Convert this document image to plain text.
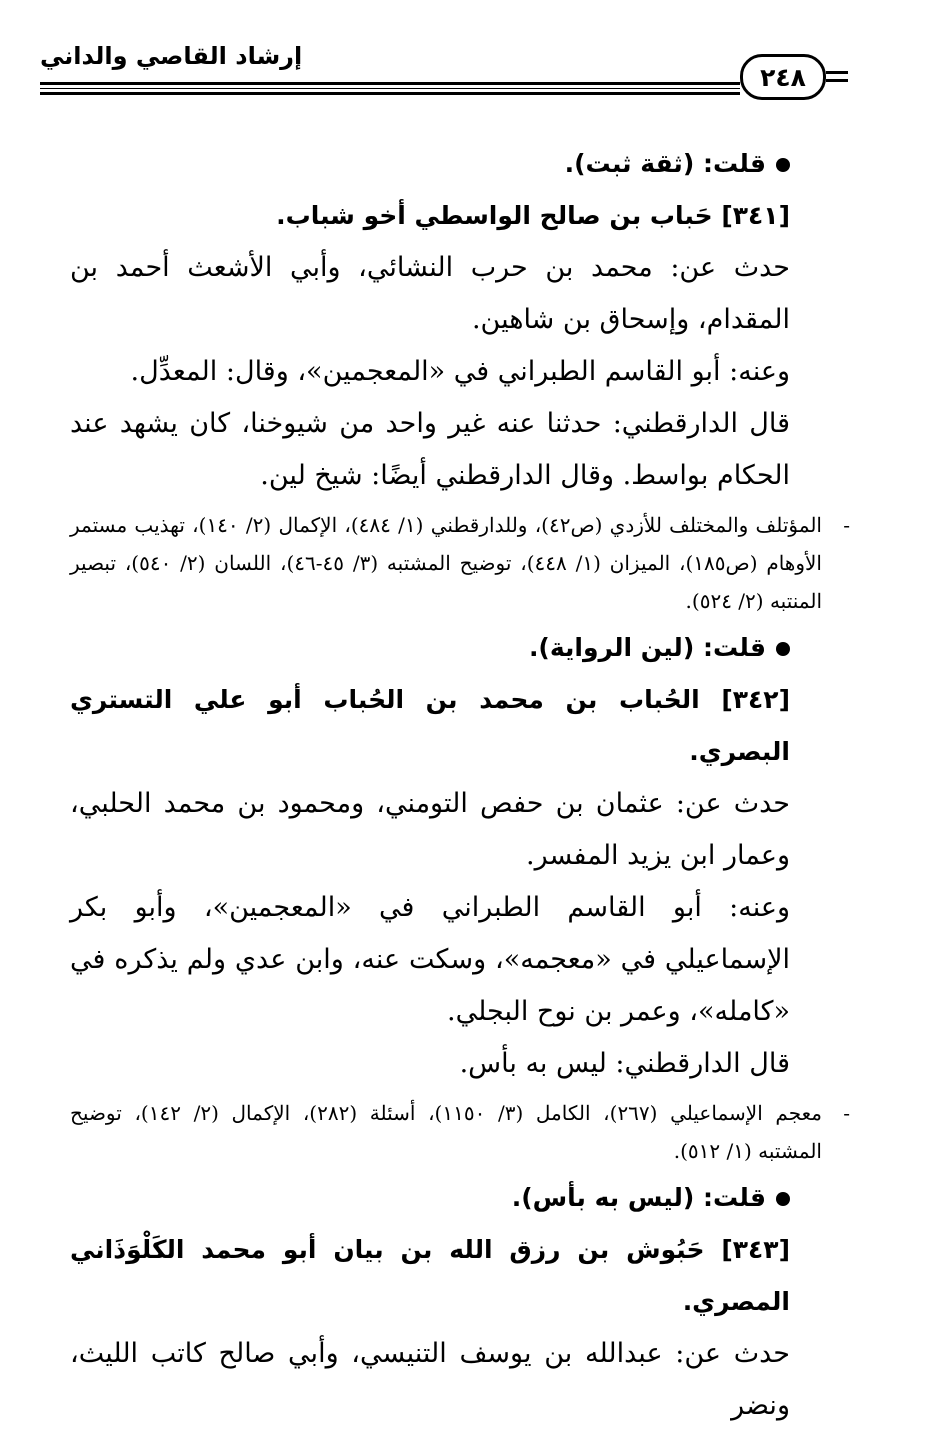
إرشاد القاصي والداني
٢٤٨

قلت: (ثقة ثبت).

[٣٤١] حَباب بن صالح الواسطي أخو شباب.

حدث عن: محمد بن حرب النشائي، وأبي الأشعث أحمد بن المقدام، وإسحاق بن شاهين.

وعنه: أبو القاسم الطبراني في «المعجمين»، وقال: المعدِّل.

قال الدارقطني: حدثنا عنه غير واحد من شيوخنا، كان يشهد عند الحكام بواسط. وقال الدارقطني أيضًا: شيخ لين.

-
المؤتلف والمختلف للأزدي (ص٤٢)، وللدارقطني (١/ ٤٨٤)، الإكمال (٢/ ١٤٠)، تهذيب مستمر الأوهام (ص١٨٥)، الميزان (١/ ٤٤٨)، توضيح المشتبه (٣/ ٤٥-٤٦)، اللسان (٢/ ٥٤٠)، تبصير المنتبه (٢/ ٥٢٤).

قلت: (لين الرواية).

[٣٤٢] الحُباب بن محمد بن الحُباب أبو علي التستري البصري.

حدث عن: عثمان بن حفص التومني، ومحمود بن محمد الحلبي، وعمار ابن يزيد المفسر.

وعنه: أبو القاسم الطبراني في «المعجمين»، وأبو بكر الإسماعيلي في «معجمه»، وسكت عنه، وابن عدي ولم يذكره في «كامله»، وعمر بن نوح البجلي.

قال الدارقطني: ليس به بأس.

-
معجم الإسماعيلي (٢٦٧)، الكامل (٣/ ١١٥٠)، أسئلة (٢٨٢)، الإكمال (٢/ ١٤٢)، توضيح المشتبه (١/ ٥١٢).

قلت: (ليس به بأس).

[٣٤٣] حَبُوش بن رزق الله بن بيان أبو محمد الكَلْوَذَاني المصري.

حدث عن: عبدالله بن يوسف التنيسي، وأبي صالح كاتب الليث، ونضر
